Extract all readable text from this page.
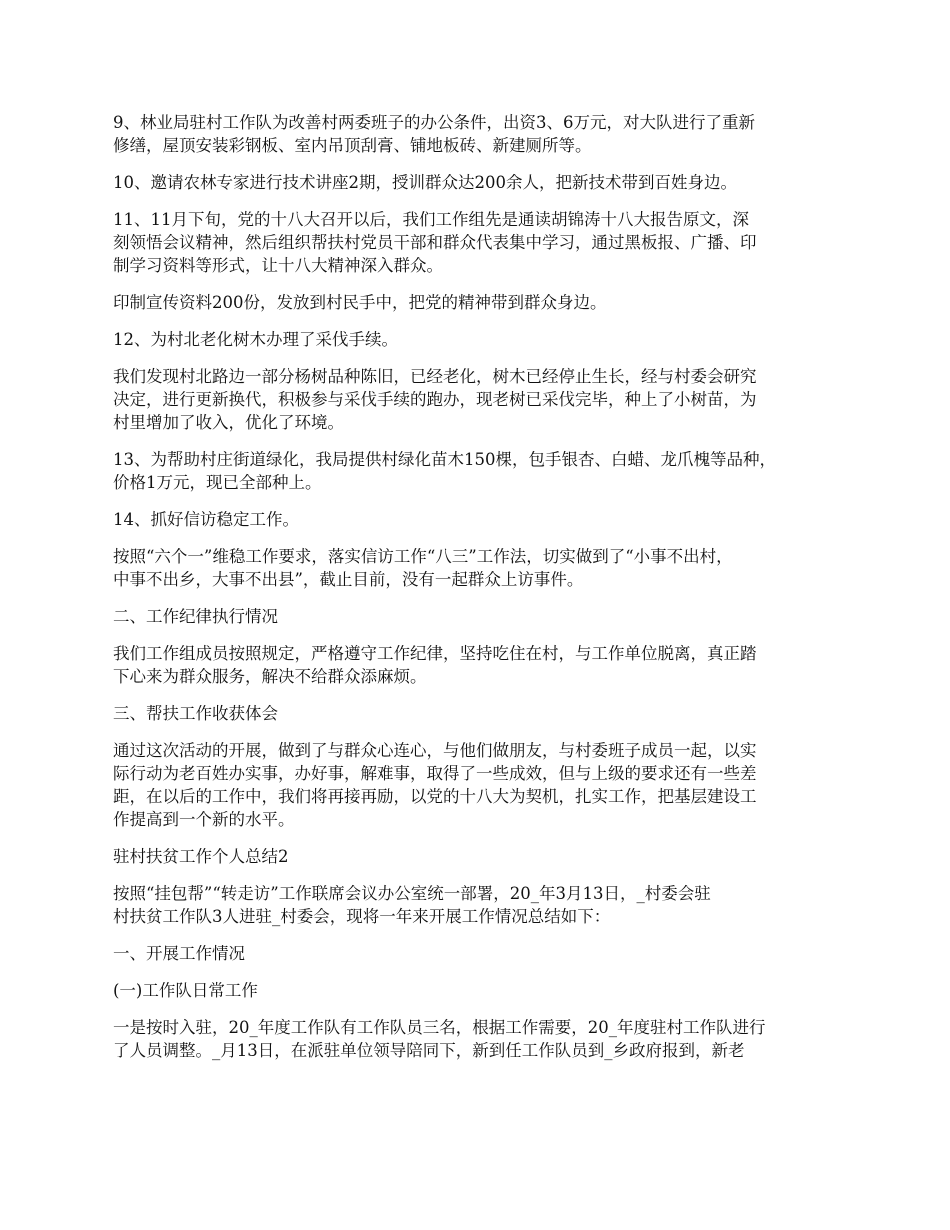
9、林业局驻村工作队为改善村两委班子的办公条件，出资3、6万元，对大队进行了重新
修缮，屋顶安装彩钢板、室内吊顶刮膏、铺地板砖、新建厕所等。

10、邀请农林专家进行技术讲座2期，授训群众达200余人，把新技术带到百姓身边。

11、11月下旬，党的十八大召开以后，我们工作组先是通读胡锦涛十八大报告原文，深
刻领悟会议精神，然后组织帮扶村党员干部和群众代表集中学习，通过黑板报、广播、印
制学习资料等形式，让十八大精神深入群众。

印制宣传资料200份，发放到村民手中，把党的精神带到群众身边。

12、为村北老化树木办理了采伐手续。

我们发现村北路边一部分杨树品种陈旧，已经老化，树木已经停止生长，经与村委会研究
决定，进行更新换代，积极参与采伐手续的跑办，现老树已采伐完毕，种上了小树苗，为
村里增加了收入，优化了环境。

13、为帮助村庄街道绿化，我局提供村绿化苗木150棵，包手银杏、白蜡、龙爪槐等品种，
价格1万元，现已全部种上。

14、抓好信访稳定工作。

按照“六个一”维稳工作要求，落实信访工作“八三”工作法，切实做到了“小事不出村，
中事不出乡，大事不出县”，截止目前，没有一起群众上访事件。

二、工作纪律执行情况

我们工作组成员按照规定，严格遵守工作纪律，坚持吃住在村，与工作单位脱离，真正踏
下心来为群众服务，解决不给群众添麻烦。

三、帮扶工作收获体会

通过这次活动的开展，做到了与群众心连心，与他们做朋友，与村委班子成员一起，以实
际行动为老百姓办实事，办好事，解难事，取得了一些成效，但与上级的要求还有一些差
距，在以后的工作中，我们将再接再励，以党的十八大为契机，扎实工作，把基层建设工
作提高到一个新的水平。

驻村扶贫工作个人总结2

按照“挂包帮”“转走访”工作联席会议办公室统一部署，20_年3月13日，_村委会驻
村扶贫工作队3人进驻_村委会，现将一年来开展工作情况总结如下：

一、开展工作情况

(一)工作队日常工作

一是按时入驻，20_年度工作队有工作队员三名，根据工作需要，20_年度驻村工作队进行
了人员调整。_月13日，在派驻单位领导陪同下，新到任工作队员到_乡政府报到，新老
